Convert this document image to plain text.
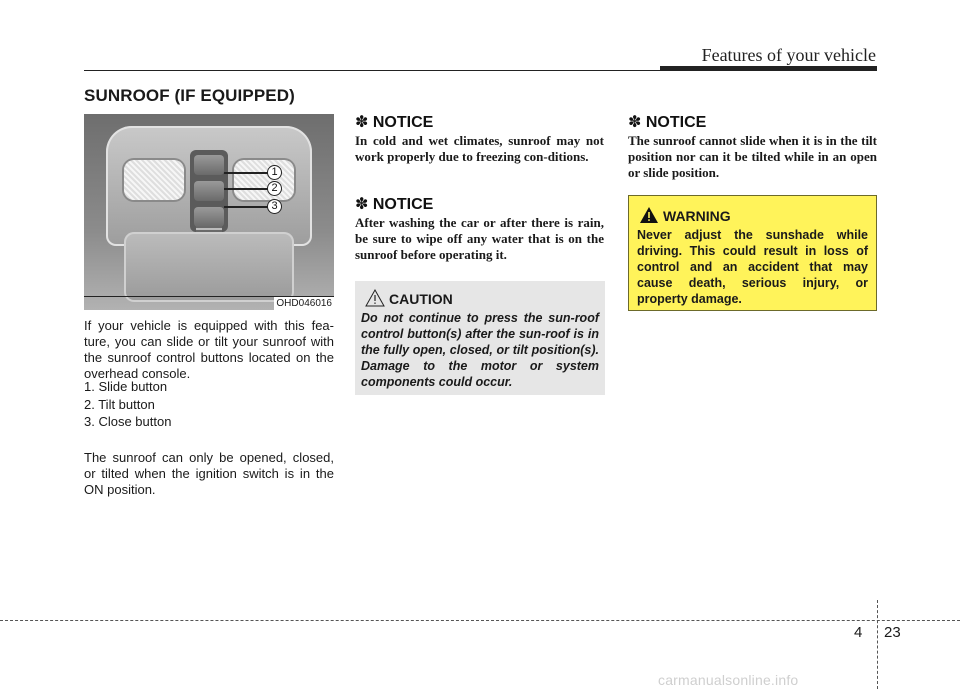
Features of your vehicle
SUNROOF (IF EQUIPPED)
1
2
3
OHD046016
If your vehicle is equipped with this fea-ture, you can slide or tilt your sunroof with the sunroof control buttons located on the overhead console.
1. Slide button
2. Tilt button
3. Close button
The sunroof can only be opened, closed, or tilted when the ignition switch is in the ON position.
✽ NOTICE
In cold and wet climates, sunroof may not work properly due to freezing con-ditions.
✽ NOTICE
After washing the car or after there is rain, be sure to wipe off any water that is on the sunroof before operating it.
CAUTION
Do not continue to press the sun-roof control button(s) after the sun-roof is in the fully open, closed, or tilt position(s). Damage to the motor or system components could occur.
✽ NOTICE
The sunroof cannot slide when it is in the tilt position nor can it be tilted while in an open or slide position.
WARNING
Never adjust the sunshade while driving. This could result in loss of control and an accident that may cause death, serious injury, or property damage.
4 23
carmanualsonline.info
